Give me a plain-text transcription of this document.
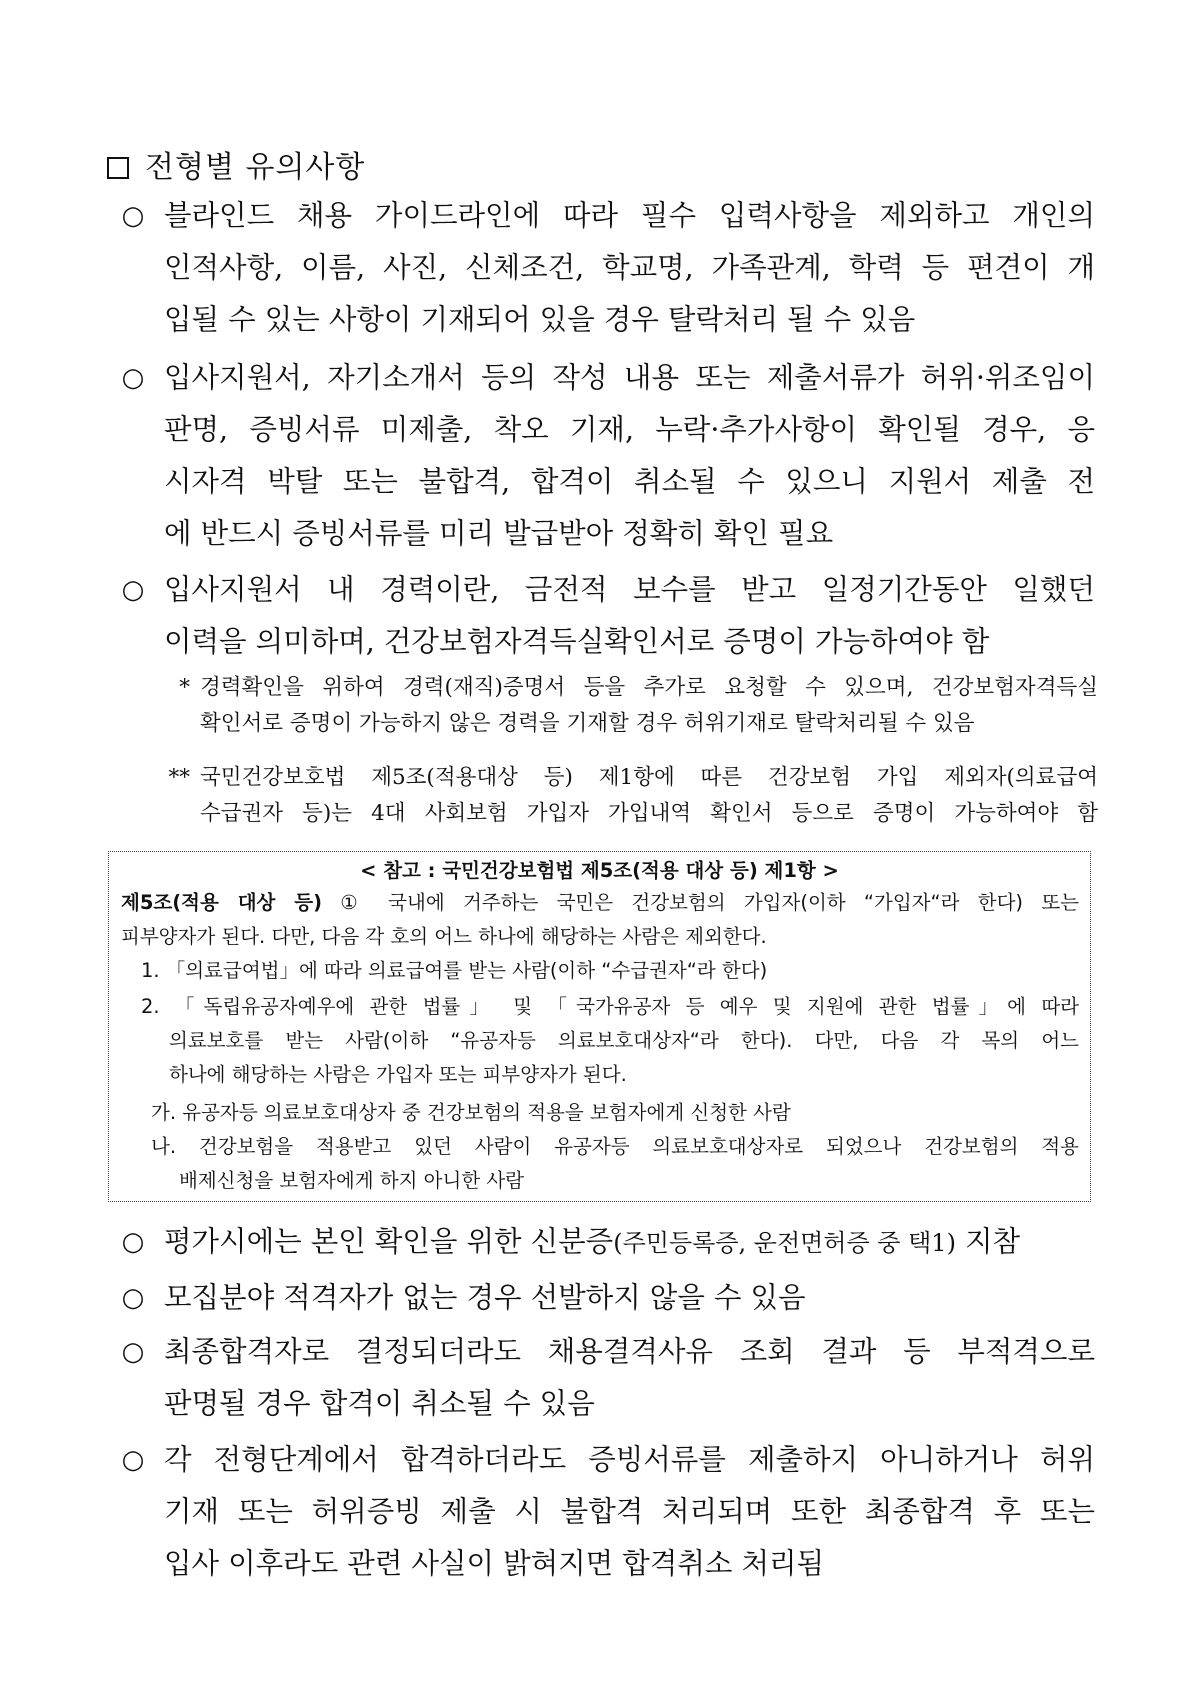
전형별 유의사항
○ 블라인드 채용 가이드라인에 따라 필수 입력사항을 제외하고 개인의
인적사항, 이름, 사진, 신체조건, 학교명, 가족관계, 학력 등 편견이 개
입될 수 있는 사항이 기재되어 있을 경우 탈락처리 될 수 있음
○ 입사지원서, 자기소개서 등의 작성 내용 또는 제출서류가 허위·위조임이
판명, 증빙서류 미제출, 착오 기재, 누락·추가사항이 확인될 경우, 응
시자격 박탈 또는 불합격, 합격이 취소될 수 있으니 지원서 제출 전
에 반드시 증빙서류를 미리 발급받아 정확히 확인 필요
○ 입사지원서 내 경력이란, 금전적 보수를 받고 일정기간동안 일했던
이력을 의미하며, 건강보험자격득실확인서로 증명이 가능하여야 함
* 경력확인을 위하여 경력(재직)증명서 등을 추가로 요청할 수 있으며, 건강보험자격득실
확인서로 증명이 가능하지 않은 경력을 기재할 경우 허위기재로 탈락처리될 수 있음
** 국민건강보호법 제5조(적용대상 등) 제1항에 따른 건강보험 가입 제외자(의료급여
수급권자 등)는 4대 사회보험 가입자 가입내역 확인서 등으로 증명이 가능하여야 함
< 참고 : 국민건강보험법 제5조(적용 대상 등) 제1항 >
제5조(적용 대상 등) ① 국내에 거주하는 국민은 건강보험의 가입자(이하 “가입자“라 한다) 또는
피부양자가 된다. 다만, 다음 각 호의 어느 하나에 해당하는 사람은 제외한다.
1. 「의료급여법」에 따라 의료급여를 받는 사람(이하 “수급권자“라 한다)
2. 「독립유공자예우에 관한 법률」 및 「국가유공자 등 예우 및 지원에 관한 법률」에 따라
의료보호를 받는 사람(이하 “유공자등 의료보호대상자“라 한다). 다만, 다음 각 목의 어느
하나에 해당하는 사람은 가입자 또는 피부양자가 된다.
가. 유공자등 의료보호대상자 중 건강보험의 적용을 보험자에게 신청한 사람
나. 건강보험을 적용받고 있던 사람이 유공자등 의료보호대상자로 되었으나 건강보험의 적용
배제신청을 보험자에게 하지 아니한 사람
○ 평가시에는 본인 확인을 위한 신분증(주민등록증, 운전면허증 중 택1) 지참
○ 모집분야 적격자가 없는 경우 선발하지 않을 수 있음
○ 최종합격자로 결정되더라도 채용결격사유 조회 결과 등 부적격으로
판명될 경우 합격이 취소될 수 있음
○ 각 전형단계에서 합격하더라도 증빙서류를 제출하지 아니하거나 허위
기재 또는 허위증빙 제출 시 불합격 처리되며 또한 최종합격 후 또는
입사 이후라도 관련 사실이 밝혀지면 합격취소 처리됨
